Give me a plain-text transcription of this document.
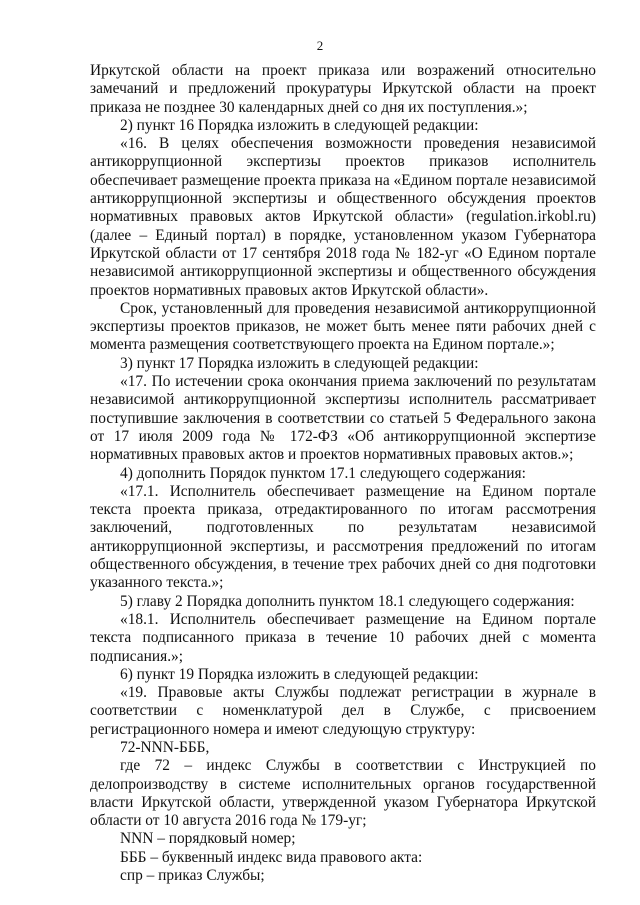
2

Иркутской области на проект приказа или возражений относительно замечаний и предложений прокуратуры Иркутской области на проект приказа не позднее 30 календарных дней со дня их поступления.»;

2) пункт 16 Порядка изложить в следующей редакции:

«16. В целях обеспечения возможности проведения независимой антикоррупционной экспертизы проектов приказов исполнитель обеспечивает размещение проекта приказа на «Едином портале независимой антикоррупционной экспертизы и общественного обсуждения проектов нормативных правовых актов Иркутской области» (regulation.irkobl.ru) (далее – Единый портал) в порядке, установленном указом Губернатора Иркутской области от 17 сентября 2018 года № 182-уг «О Едином портале независимой антикоррупционной экспертизы и общественного обсуждения проектов нормативных правовых актов Иркутской области».

Срок, установленный для проведения независимой антикоррупционной экспертизы проектов приказов, не может быть менее пяти рабочих дней с момента размещения соответствующего проекта на Едином портале.»;

3) пункт 17 Порядка изложить в следующей редакции:

«17. По истечении срока окончания приема заключений по результатам независимой антикоррупционной экспертизы исполнитель рассматривает поступившие заключения в соответствии со статьей 5 Федерального закона от 17 июля 2009 года № 172-ФЗ «Об антикоррупционной экспертизе нормативных правовых актов и проектов нормативных правовых актов.»;

4) дополнить Порядок пунктом 17.1 следующего содержания:

«17.1. Исполнитель обеспечивает размещение на Едином портале текста проекта приказа, отредактированного по итогам рассмотрения заключений, подготовленных по результатам независимой антикоррупционной экспертизы, и рассмотрения предложений по итогам общественного обсуждения, в течение трех рабочих дней со дня подготовки указанного текста.»;

5) главу 2 Порядка дополнить пунктом 18.1 следующего содержания:

«18.1. Исполнитель обеспечивает размещение на Едином портале текста подписанного приказа в течение 10 рабочих дней с момента подписания.»;

6) пункт 19 Порядка изложить в следующей редакции:

«19. Правовые акты Службы подлежат регистрации в журнале в соответствии с номенклатурой дел в Службе, с присвоением регистрационного номера и имеют следующую структуру:

72-NNN-БББ,

где 72 – индекс Службы в соответствии с Инструкцией по делопроизводству в системе исполнительных органов государственной власти Иркутской области, утвержденной указом Губернатора Иркутской области от 10 августа 2016 года № 179-уг;

NNN – порядковый номер;

БББ – буквенный индекс вида правового акта:

спр – приказ Службы;
